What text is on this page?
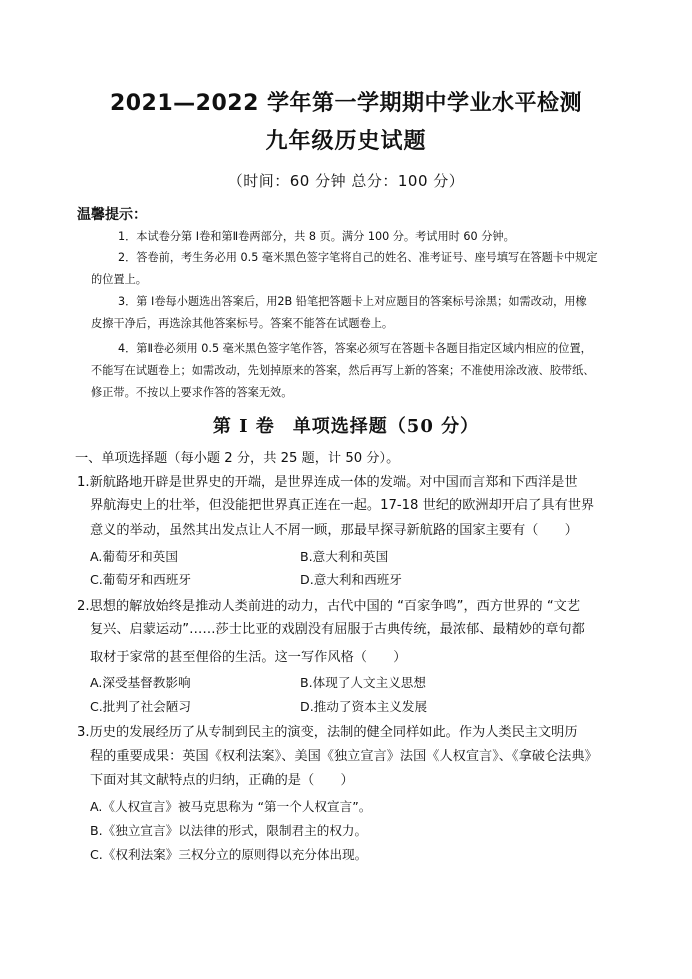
2021—2022 学年第一学期期中学业水平检测
九年级历史试题
（时间：60 分钟 总分：100 分）
温馨提示：
1．本试卷分第 Ⅰ卷和第Ⅱ卷两部分，共 8 页。满分 100 分。考试用时 60 分钟。
2．答卷前，考生务必用 0.5 毫米黑色签字笔将自己的姓名、准考证号、座号填写在答题卡中规定
的位置上。
3．第 Ⅰ卷每小题选出答案后，用2B 铅笔把答题卡上对应题目的答案标号涂黑；如需改动，用橡
皮擦干净后，再选涂其他答案标号。答案不能答在试题卷上。
4．第Ⅱ卷必须用 0.5 毫米黑色签字笔作答，答案必须写在答题卡各题目指定区域内相应的位置，
不能写在试题卷上；如需改动，先划掉原来的答案，然后再写上新的答案；不准使用涂改液、胶带纸、
修正带。不按以上要求作答的答案无效。
第 I 卷 单项选择题（50 分）
一、单项选择题（每小题 2 分，共 25 题，计 50 分）。
1.新航路地开辟是世界史的开端，是世界连成一体的发端。对中国而言郑和下西洋是世
界航海史上的壮举，但没能把世界真正连在一起。17-18 世纪的欧洲却开启了具有世界
意义的举动，虽然其出发点让人不屑一顾，那最早探寻新航路的国家主要有（　　）
A.葡萄牙和英国	B.意大利和英国
C.葡萄牙和西班牙	D.意大利和西班牙
2.思想的解放始终是推动人类前进的动力，古代中国的 “百家争鸣”，西方世界的 “文艺
复兴、启蒙运动”……莎士比亚的戏剧没有屈服于古典传统，最浓郁、最精妙的章句都
取材于家常的甚至俚俗的生活。这一写作风格（　　）
A.深受基督教影响	B.体现了人文主义思想
C.批判了社会陋习	D.推动了资本主义发展
3.历史的发展经历了从专制到民主的演变，法制的健全同样如此。作为人类民主文明历
程的重要成果：英国《权利法案》、美国《独立宣言》法国《人权宣言》、《拿破仑法典》
下面对其文献特点的归纳，正确的是（　　）
A.《人权宣言》被马克思称为 “第一个人权宣言”。
B.《独立宣言》以法律的形式，限制君主的权力。
C.《权利法案》三权分立的原则得以充分体出现。
